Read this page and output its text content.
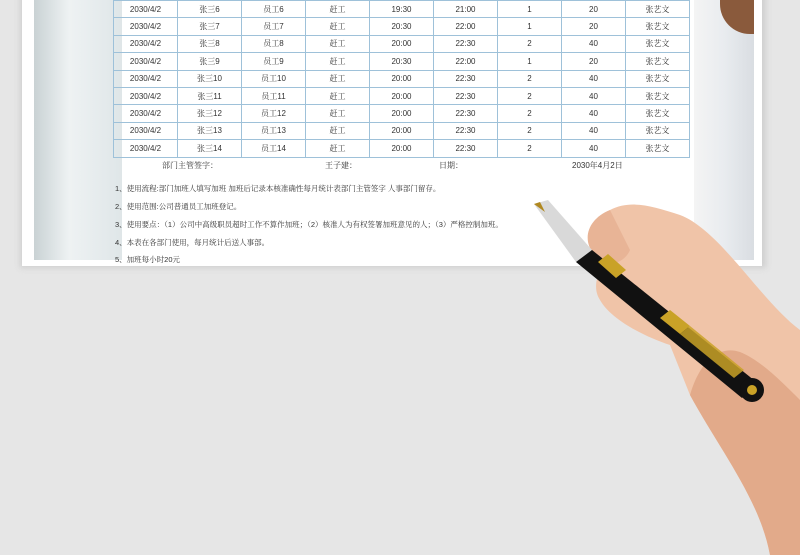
2030/4/2	张三6	员工6	赶工	19:30	21:00	1	20	张艺文
2030/4/2	张三7	员工7	赶工	20:30	22:00	1	20	张艺文
2030/4/2	张三8	员工8	赶工	20:00	22:30	2	40	张艺文
2030/4/2	张三9	员工9	赶工	20:30	22:00	1	20	张艺文
2030/4/2	张三10	员工10	赶工	20:00	22:30	2	40	张艺文
2030/4/2	张三11	员工11	赶工	20:00	22:30	2	40	张艺文
2030/4/2	张三12	员工12	赶工	20:00	22:30	2	40	张艺文
2030/4/2	张三13	员工13	赶工	20:00	22:30	2	40	张艺文
2030/4/2	张三14	员工14	赶工	20:00	22:30	2	40	张艺文
部门主管签字：	王子建：	日期：	2030年4月2日
1、使用流程:部门加班人填写加班 加班后记录本核准确性每月统计表部门主管签字 人事部门留存。
2、使用范围:公司普通员工加班登记。
3、使用要点：（1）公司中高级职员超时工作不算作加班；（2）核准人为有权签署加班意见的人；（3）严格控制加班。
4、本表在各部门使用，每月统计后送人事部。
5、加班每小时20元
